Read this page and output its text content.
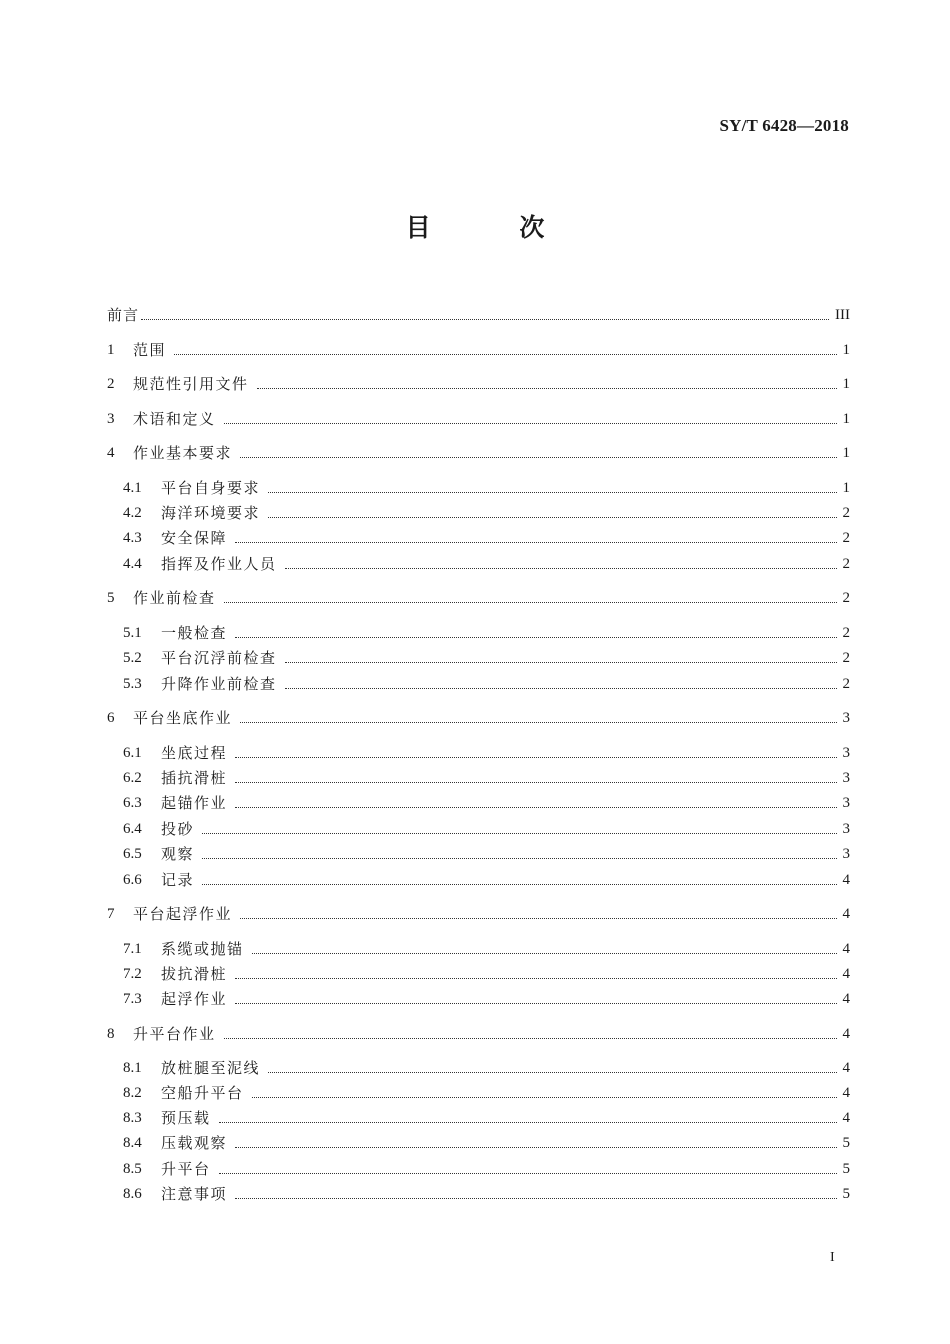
SY/T 6428—2018
目 次
前言	III
1	范围	1
2	规范性引用文件	1
3	术语和定义	1
4	作业基本要求	1
4.1	平台自身要求	1
4.2	海洋环境要求	2
4.3	安全保障	2
4.4	指挥及作业人员	2
5	作业前检查	2
5.1	一般检查	2
5.2	平台沉浮前检查	2
5.3	升降作业前检查	2
6	平台坐底作业	3
6.1	坐底过程	3
6.2	插抗滑桩	3
6.3	起锚作业	3
6.4	投砂	3
6.5	观察	3
6.6	记录	4
7	平台起浮作业	4
7.1	系缆或抛锚	4
7.2	拔抗滑桩	4
7.3	起浮作业	4
8	升平台作业	4
8.1	放桩腿至泥线	4
8.2	空船升平台	4
8.3	预压载	4
8.4	压载观察	5
8.5	升平台	5
8.6	注意事项	5
I
